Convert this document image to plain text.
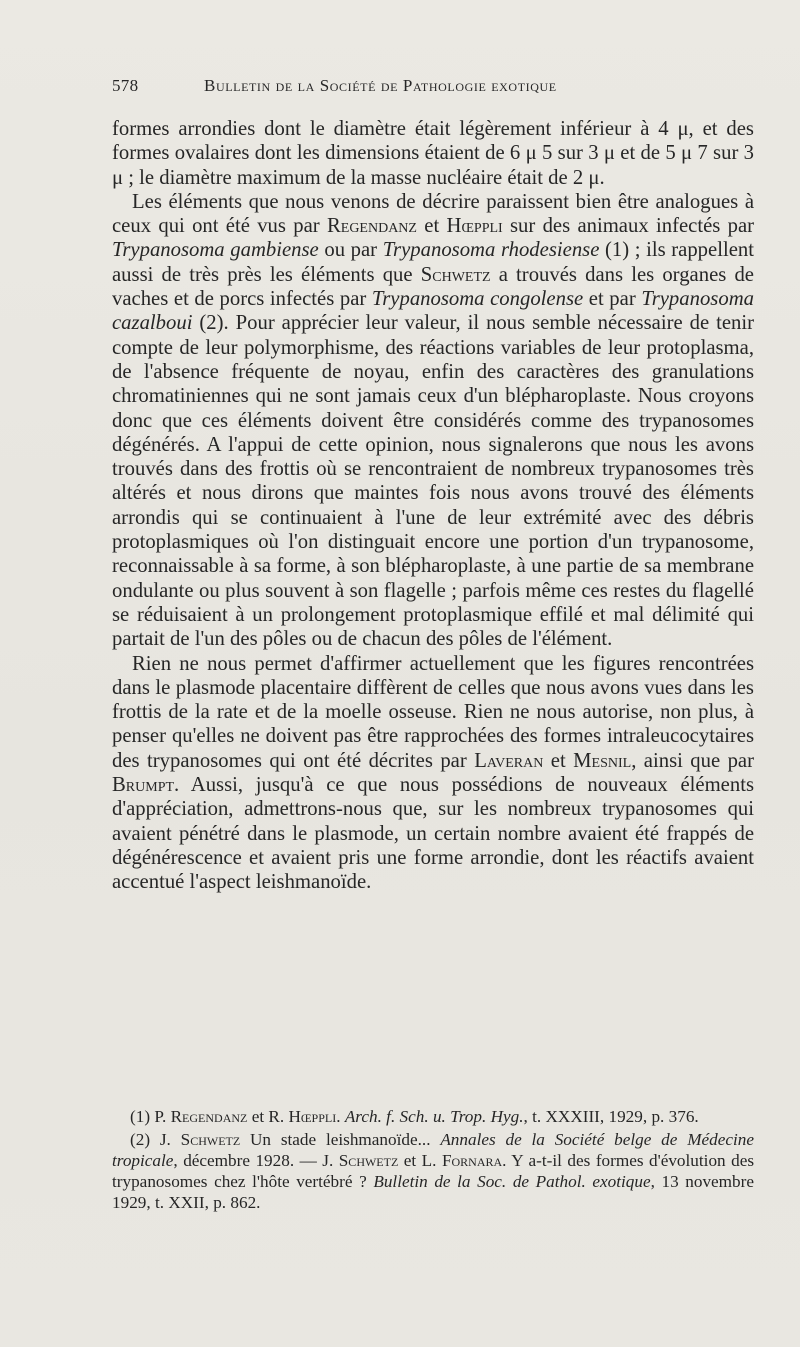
578	Bulletin de la Société de Pathologie exotique

formes arrondies dont le diamètre était légèrement inférieur à 4 μ, et des formes ovalaires dont les dimensions étaient de 6 μ 5 sur 3 μ et de 5 μ 7 sur 3 μ ; le diamètre maximum de la masse nucléaire était de 2 μ.

Les éléments que nous venons de décrire paraissent bien être analogues à ceux qui ont été vus par Regendanz et Hœppli sur des animaux infectés par Trypanosoma gambiense ou par Trypanosoma rhodesiense (1) ; ils rappellent aussi de très près les éléments que Schwetz a trouvés dans les organes de vaches et de porcs infectés par Trypanosoma congolense et par Trypanosoma cazalboui (2). Pour apprécier leur valeur, il nous semble nécessaire de tenir compte de leur polymorphisme, des réactions variables de leur protoplasma, de l'absence fréquente de noyau, enfin des caractères des granulations chromatiniennes qui ne sont jamais ceux d'un blépharoplaste. Nous croyons donc que ces éléments doivent être considérés comme des trypanosomes dégénérés. A l'appui de cette opinion, nous signalerons que nous les avons trouvés dans des frottis où se rencontraient de nombreux trypanosomes très altérés et nous dirons que maintes fois nous avons trouvé des éléments arrondis qui se continuaient à l'une de leur extrémité avec des débris protoplasmiques où l'on distinguait encore une portion d'un trypanosome, reconnaissable à sa forme, à son blépharoplaste, à une partie de sa membrane ondulante ou plus souvent à son flagelle ; parfois même ces restes du flagellé se réduisaient à un prolongement protoplasmique effilé et mal délimité qui partait de l'un des pôles ou de chacun des pôles de l'élément.

Rien ne nous permet d'affirmer actuellement que les figures rencontrées dans le plasmode placentaire diffèrent de celles que nous avons vues dans les frottis de la rate et de la moelle osseuse. Rien ne nous autorise, non plus, à penser qu'elles ne doivent pas être rapprochées des formes intraleucocytaires des trypanosomes qui ont été décrites par Laveran et Mesnil, ainsi que par Brumpt. Aussi, jusqu'à ce que nous possédions de nouveaux éléments d'appréciation, admettrons-nous que, sur les nombreux trypanosomes qui avaient pénétré dans le plasmode, un certain nombre avaient été frappés de dégénérescence et avaient pris une forme arrondie, dont les réactifs avaient accentué l'aspect leishmanoïde.

(1) P. Regendanz et R. Hœppli. Arch. f. Sch. u. Trop. Hyg., t. XXXIII, 1929, p. 376.

(2) J. Schwetz Un stade leishmanoïde... Annales de la Société belge de Médecine tropicale, décembre 1928. — J. Schwetz et L. Fornara. Y a-t-il des formes d'évolution des trypanosomes chez l'hôte vertébré ? Bulletin de la Soc. de Pathol. exotique, 13 novembre 1929, t. XXII, p. 862.
